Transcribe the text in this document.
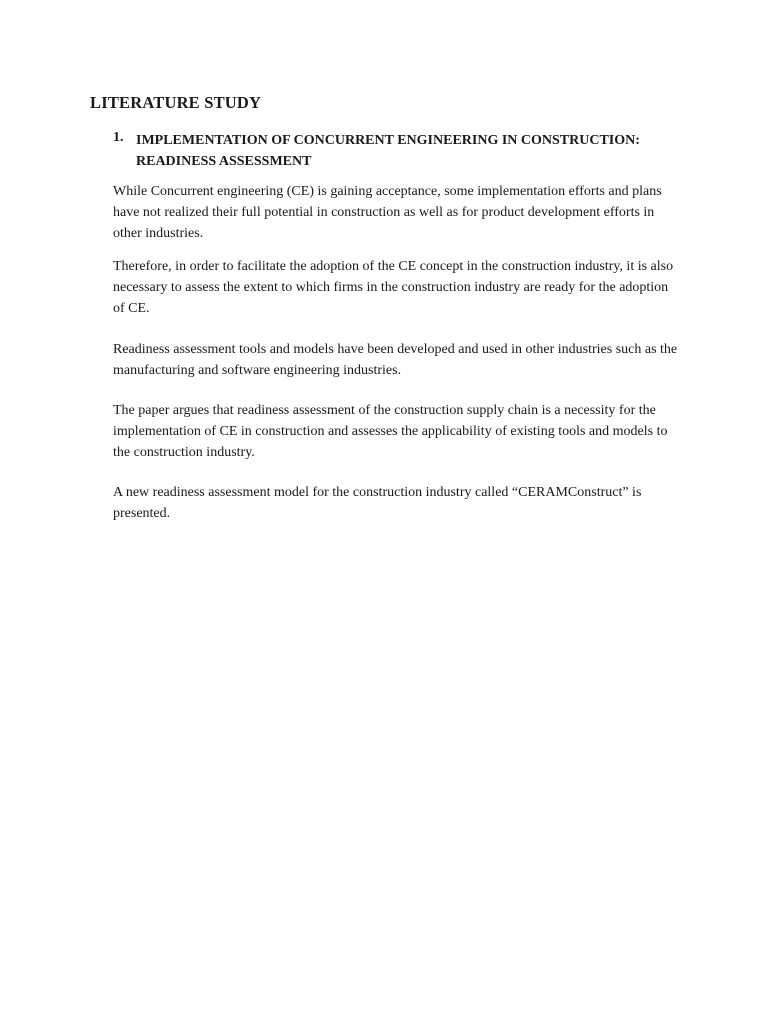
LITERATURE STUDY
1. IMPLEMENTATION OF CONCURRENT ENGINEERING IN CONSTRUCTION: READINESS ASSESSMENT

While Concurrent engineering (CE) is gaining acceptance, some implementation efforts and plans have not realized their full potential in construction as well as for product development efforts in other industries.

Therefore, in order to facilitate the adoption of the CE concept in the construction industry, it is also necessary to assess the extent to which firms in the construction industry are ready for the adoption of CE.

Readiness assessment tools and models have been developed and used in other industries such as the manufacturing and software engineering industries.

The paper argues that readiness assessment of the construction supply chain is a necessity for the implementation of CE in construction and assesses the applicability of existing tools and models to the construction industry.

A new readiness assessment model for the construction industry called “CERAMConstruct” is presented.
